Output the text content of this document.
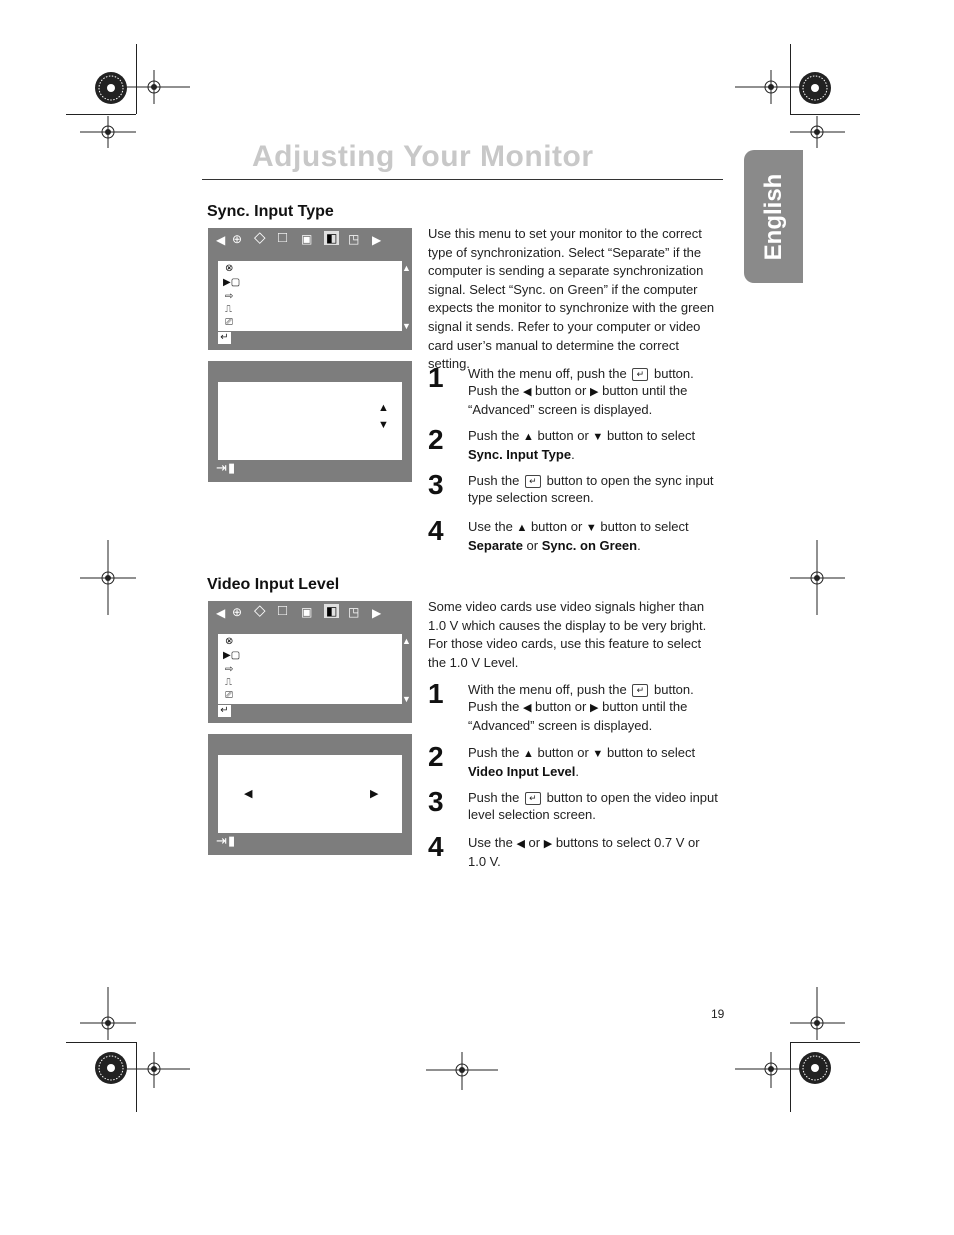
Adjusting Your Monitor
English
Sync. Input Type
◀ ⊕ ◇ □ ▣ ◧ ◳ ▶
⊗
▶▢
⇨
⎍
⎚
▲
▼
↵
▲
▼
⇥ ▮
Use this menu to set your monitor to the correct type of synchronization. Select “Separate” if the computer is sending a separate synchronization signal. Select “Sync. on Green” if the computer expects the monitor to synchronize with the green signal it sends. Refer to your computer or video card user’s manual to determine the correct setting.
1 With the menu off, push the ↵ button. Push the ◀ button or ▶ button until the “Advanced” screen is displayed.
2 Push the ▲ button or ▼ button to select Sync. Input Type.
3 Push the ↵ button to open the sync input type selection screen.
4 Use the ▲ button or ▼ button to select Separate or Sync. on Green.
Video Input Level
◀ ⊕ ◇ □ ▣ ◧ ◳ ▶
⊗
▶▢
⇨
⎍
⎚
▲
▼
↵
◀	▶
⇥ ▮
Some video cards use video signals higher than 1.0 V which causes the display to be very bright. For those video cards, use this feature to select the 1.0 V Level.
1 With the menu off, push the ↵ button. Push the ◀ button or ▶ button until the “Advanced” screen is displayed.
2 Push the ▲ button or ▼ button to select Video Input Level.
3 Push the ↵ button to open the video input level selection screen.
4 Use the ◀ or ▶ buttons to select 0.7 V or 1.0 V.
19
